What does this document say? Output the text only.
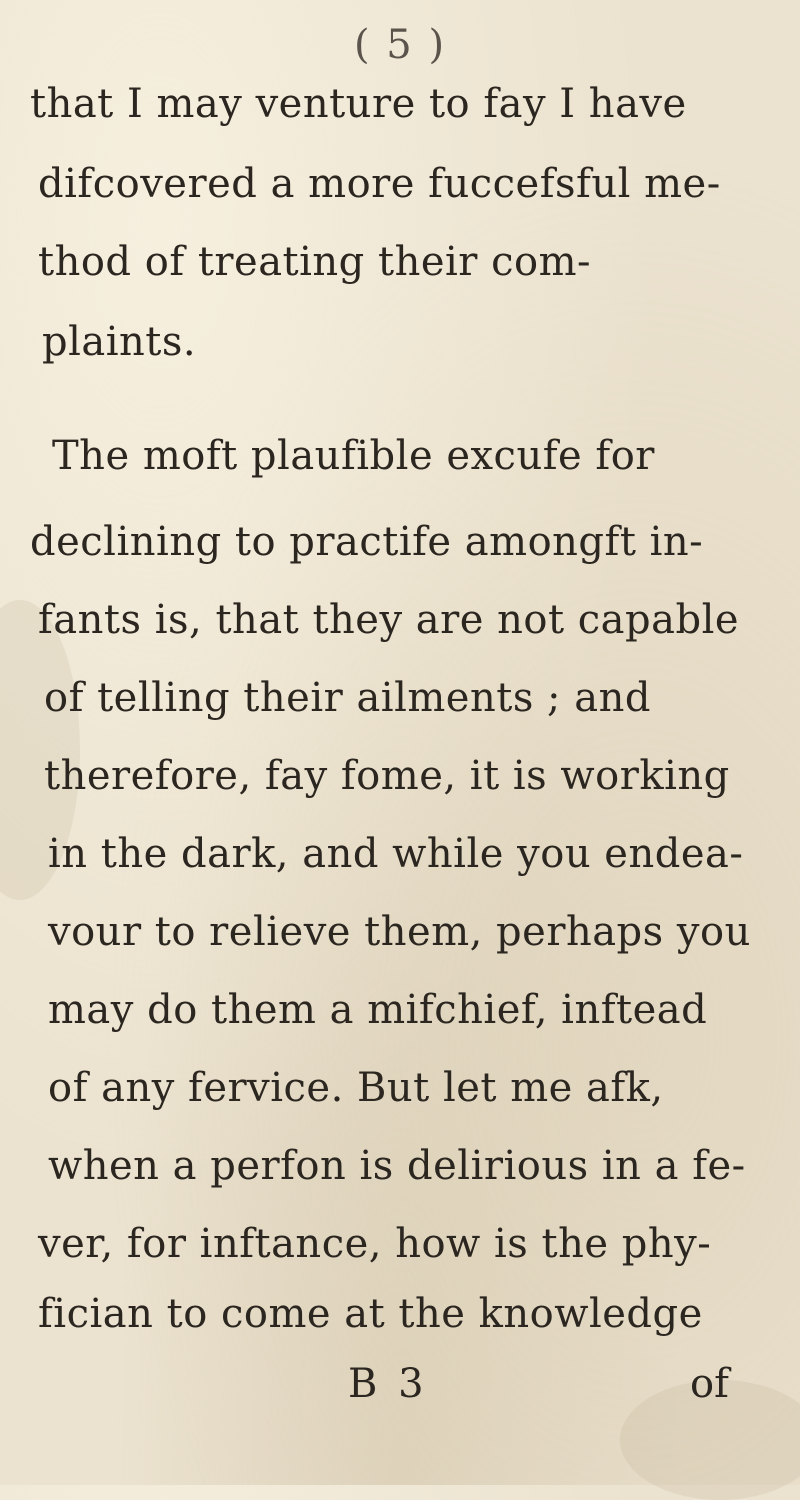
( 5 )
that I may venture to fay I have
difcovered a more fuccefsful me-
thod of treating their com-
plaints.
The moft plaufible excufe for
declining to practife amongft in-
fants is, that they are not capable
of telling their ailments ; and
therefore, fay fome, it is working
in the dark, and while you endea-
vour to relieve them, perhaps you
may do them a mifchief, inftead
of any fervice. But let me afk,
when a perfon is delirious in a fe-
ver, for inftance, how is the phy-
B 3	of
fician to come at the knowledge
